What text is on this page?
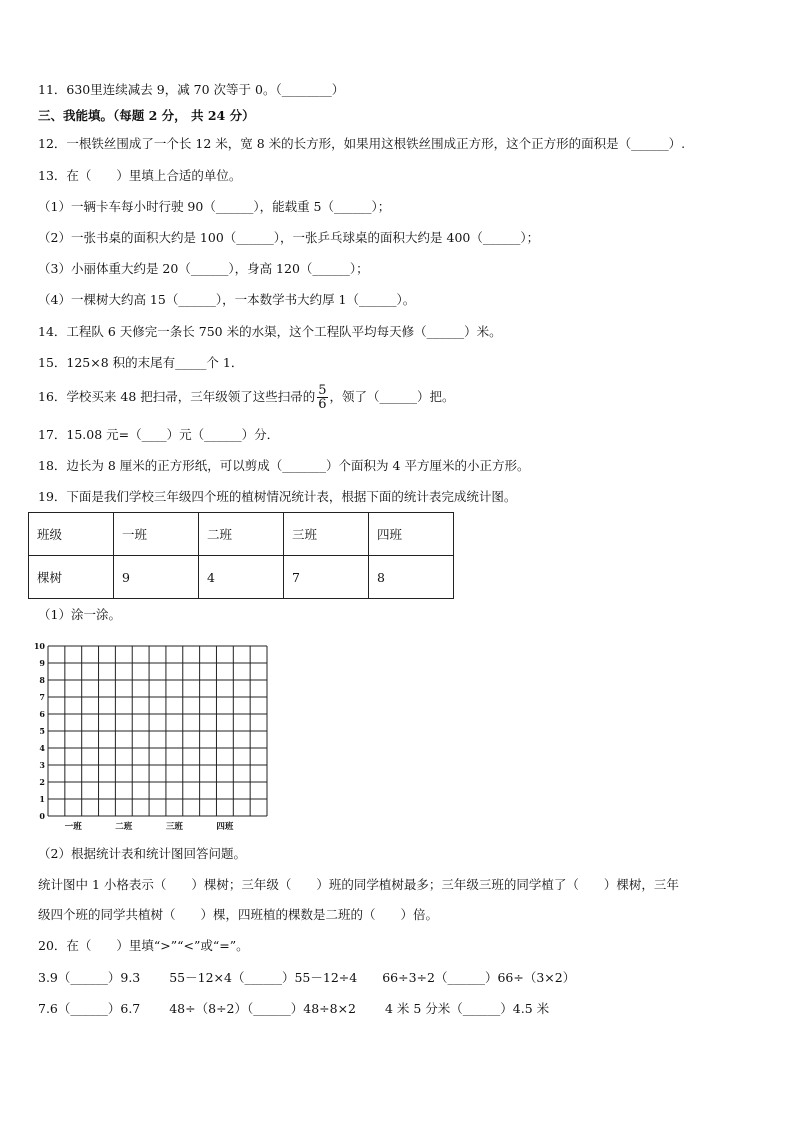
11．630里连续减去 9，减 70 次等于 0。（________）
三、我能填。（每题 2 分， 共 24 分）
12．一根铁丝围成了一个长 12 米，宽 8 米的长方形，如果用这根铁丝围成正方形，这个正方形的面积是（______）.
13．在（　　）里填上合适的单位。
（1）一辆卡车每小时行驶 90（______），能载重 5（______）；
（2）一张书桌的面积大约是 100（______），一张乒乓球桌的面积大约是 400（______）；
（3）小丽体重大约是 20（______），身高 120（______）；
（4）一棵树大约高 15（______），一本数学书大约厚 1（______）。
14．工程队 6 天修完一条长 750 米的水渠，这个工程队平均每天修（______）米。
15．125×8 积的末尾有_____个 1．
16．学校买来 48 把扫帚，三年级领了这些扫帚的 $\frac{5}{6}$ ，领了（______）把。
17．15.08 元=（____）元（______）分．
18．边长为 8 厘米的正方形纸，可以剪成（_______）个面积为 4 平方厘米的小正方形。
19．下面是我们学校三年级四个班的植树情况统计表，根据下面的统计表完成统计图。
班级	一班	二班	三班	四班
棵树	9	4	7	8
（1）涂一涂。
0
1
2
3
4
5
6
7
8
9
10
一班	二班	三班	四班
（2）根据统计表和统计图回答问题。
统计图中 1 小格表示（　　）棵树；三年级（　　）班的同学植树最多；三年级三班的同学植了（　　）棵树，三年
级四个班的同学共植树（　　）棵，四班植的棵数是二班的（　　）倍。
20．在（　　）里填“>”“<”或“=”。
3.9（______）9.3　　 55－12×4（______）55－12÷4　　66÷3÷2（______）66÷（3×2）
7.6（______）6.7　　 48÷（8÷2）（______）48÷8×2　　 4 米 5 分米（______）4.5 米
